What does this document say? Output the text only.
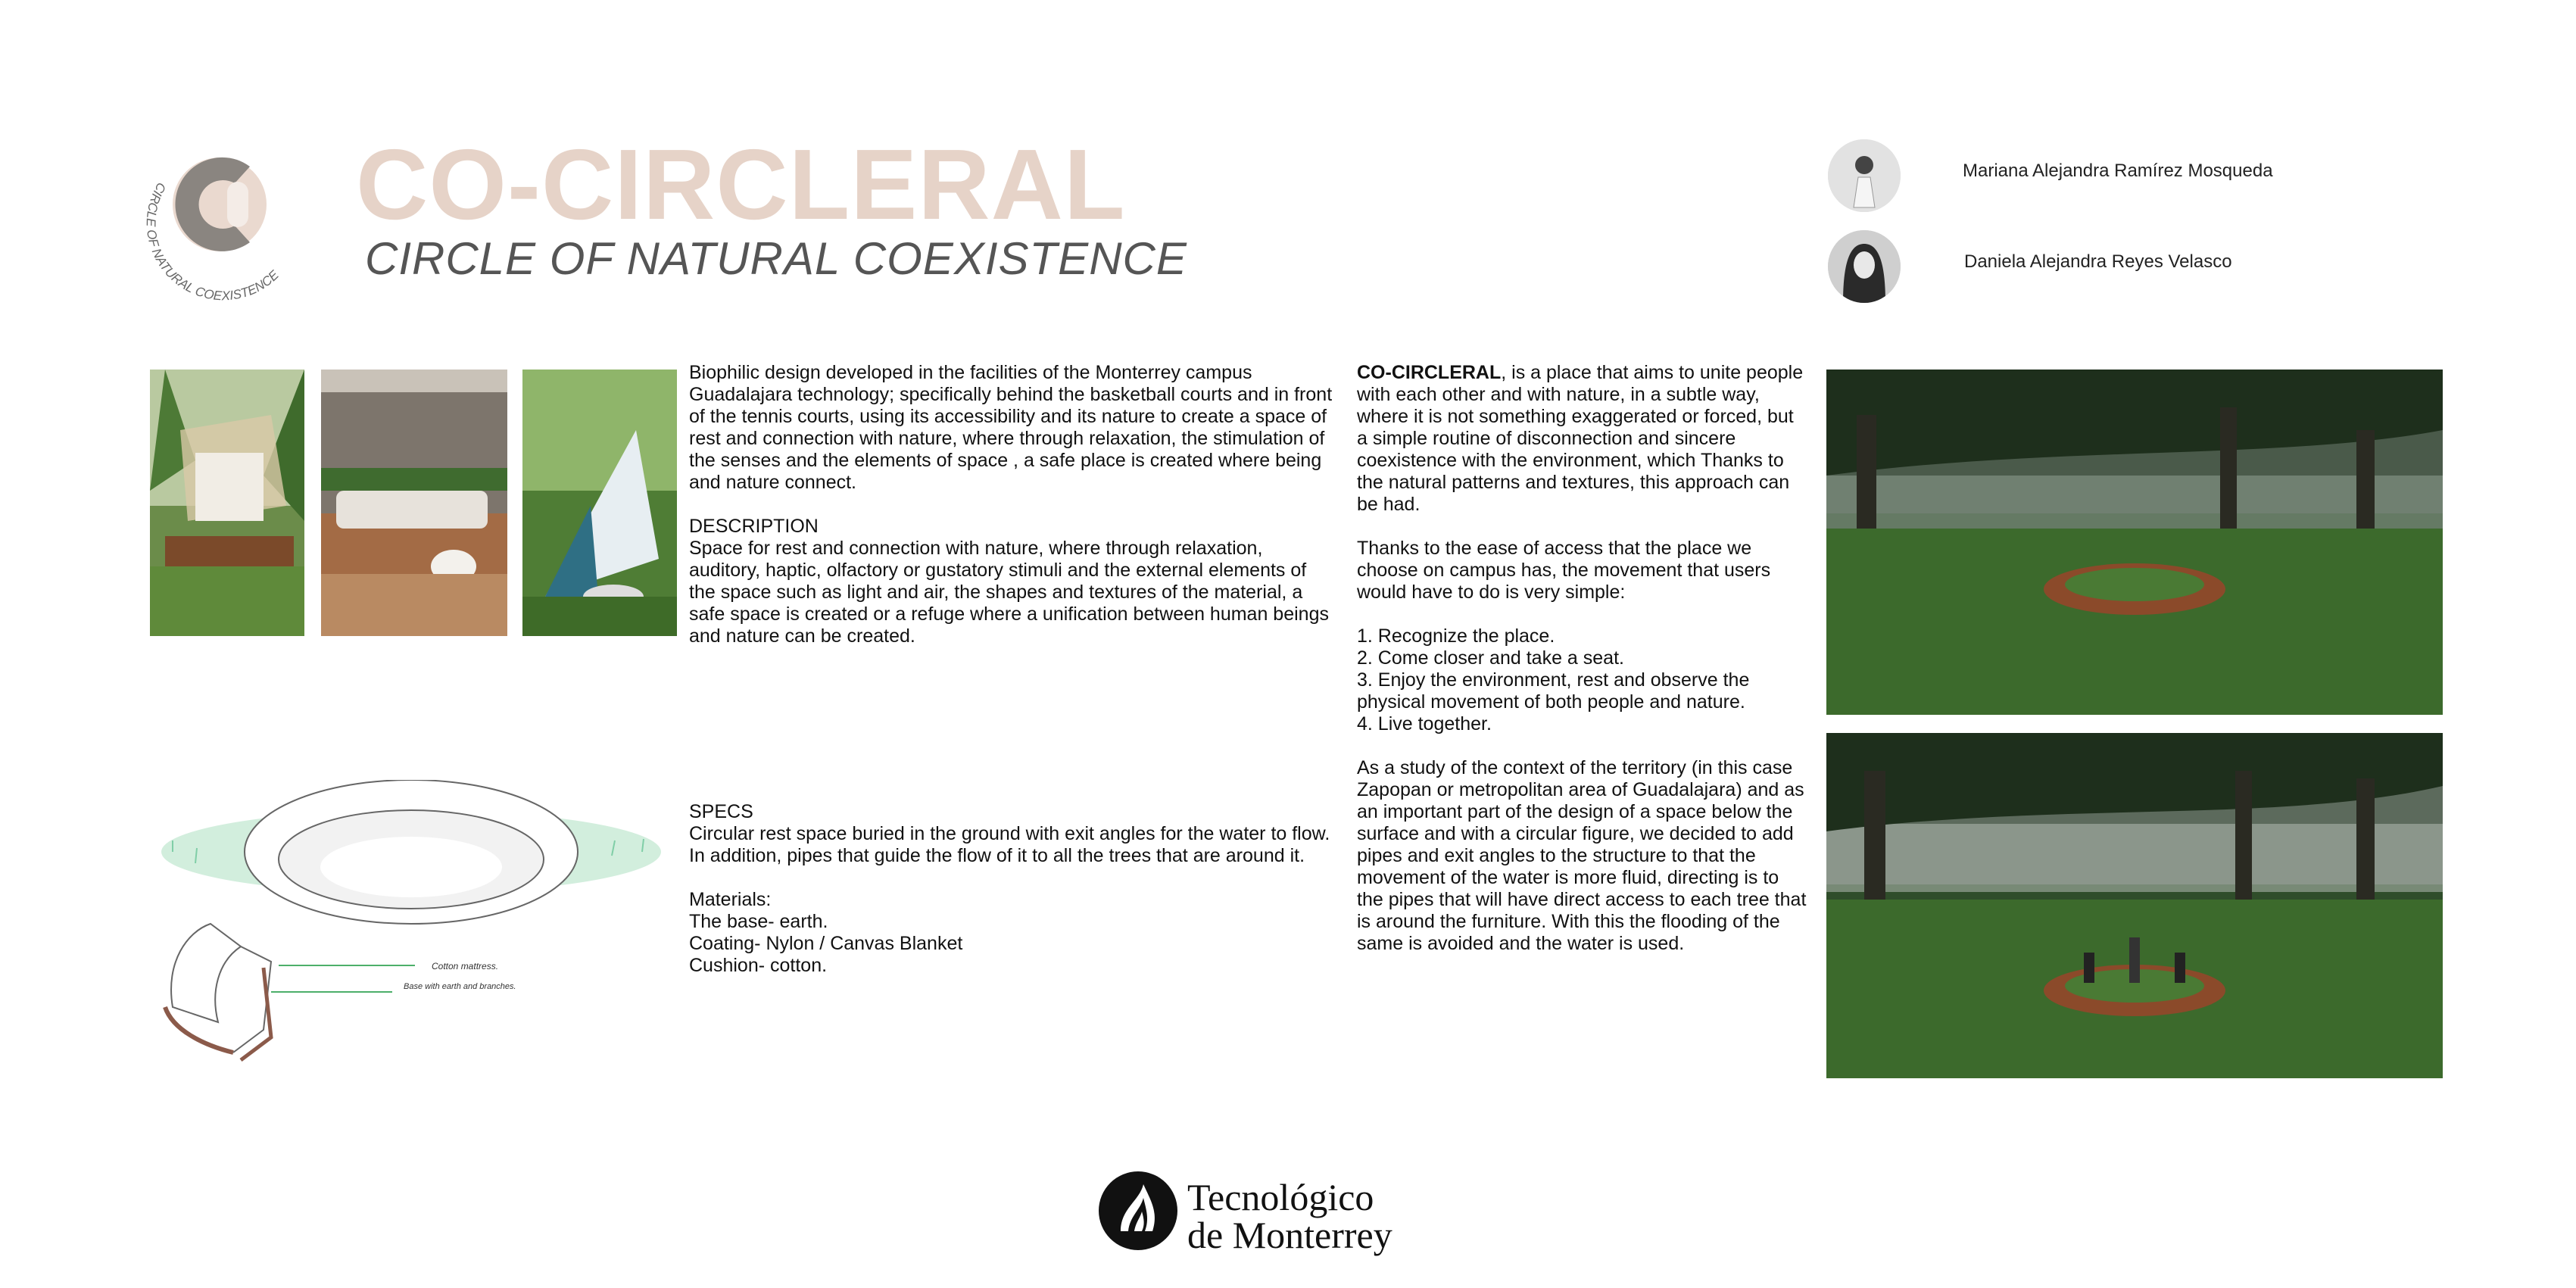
CIRCLE OF NATURAL COEXISTENCE
CO-CIRCLERAL
CIRCLE OF NATURAL COEXISTENCE
Mariana Alejandra Ramírez Mosqueda
Daniela Alejandra Reyes Velasco

Biophilic design developed in the facilities of the Monterrey campus Guadalajara technology; specifically behind the basketball courts and in front of the tennis courts, using its accessibility and its nature to create a space of rest and connection with nature, where through relaxation, the stimulation of the senses and the elements of space , a safe place is created where being and nature connect.

DESCRIPTION

Space for rest and connection with nature, where through relaxation, auditory, haptic, olfactory or gustatory stimuli and the external elements of the space such as light and air, the shapes and textures of the material, a safe space is created or a refuge where a unification between human beings and nature can be created.

Cotton mattress.
Base with earth and branches.

SPECS

Circular rest space buried in the ground with exit angles for the water to flow. In addition, pipes that guide the flow of it to all the trees that are around it.

Materials:

The base- earth.

Coating- Nylon / Canvas Blanket

Cushion- cotton.

CO-CIRCLERAL, is a place that aims to unite people with each other and with nature, in a subtle way, where it is not something exaggerated or forced, but a simple routine of disconnection and sincere coexistence with the environment, which Thanks to the natural patterns and textures, this approach can be had.

Thanks to the ease of access that the place we choose on campus has, the movement that users would have to do is very simple:

1. Recognize the place.

2. Come closer and take a seat.

3. Enjoy the environment, rest and observe the physical movement of both people and nature.

4. Live together.

As a study of the context of the territory (in this case Zapopan or metropolitan area of Guadalajara) and as an important part of the design of a space below the surface and with a circular figure, we decided to add pipes and exit angles to the structure to that the movement of the water is more fluid, directing is to the pipes that will have direct access to each tree that is around the furniture. With this the flooding of the same is avoided and the water is used.

Tecnológico
de Monterrey
